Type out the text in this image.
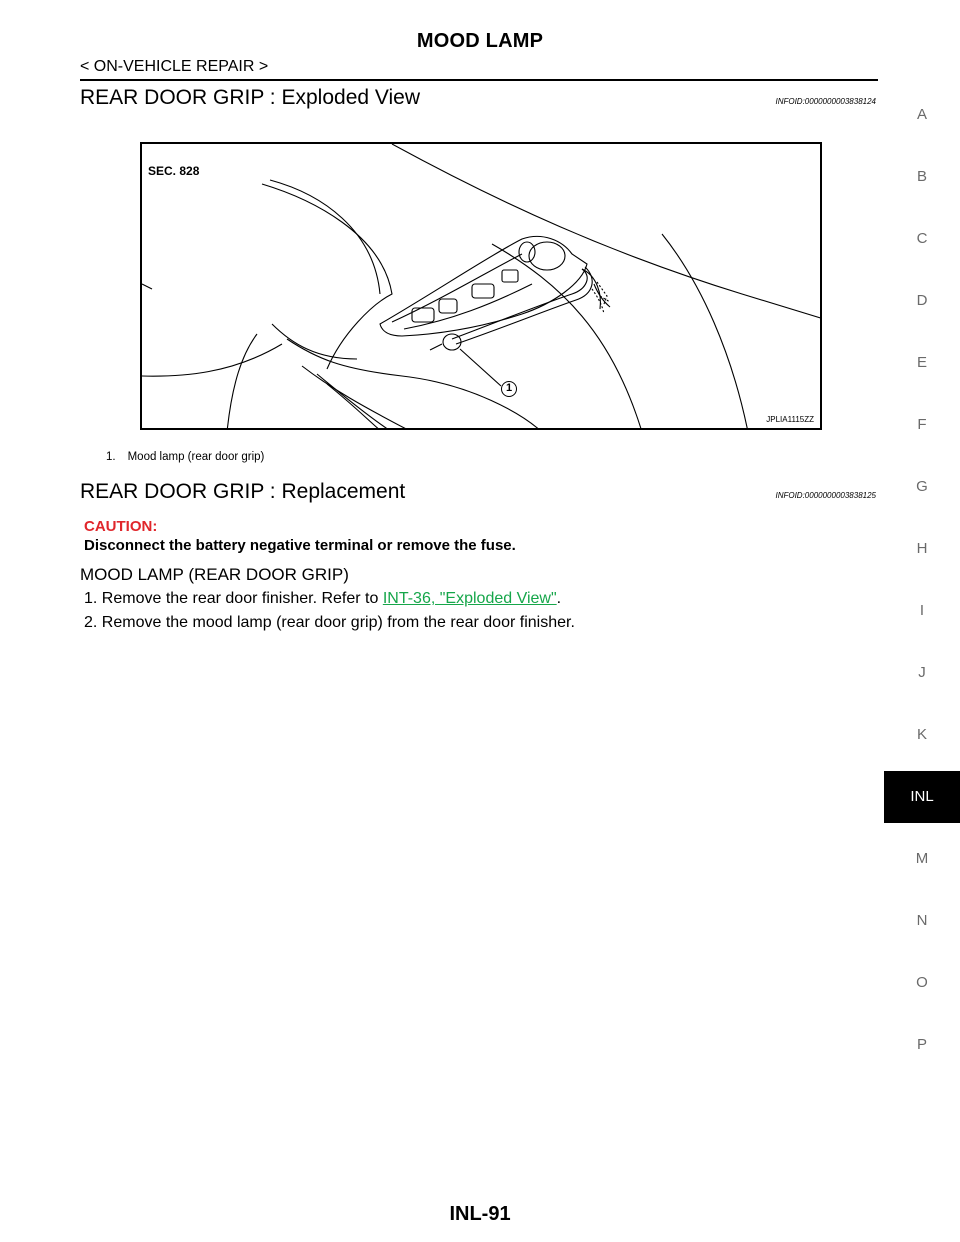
MOOD LAMP
< ON-VEHICLE REPAIR >
A
B
C
D
E
F
G
H
I
J
K
INL
M
N
O
P
REAR DOOR GRIP : Exploded View	INFOID:0000000003838124
SEC. 828
1
JPLIA1115ZZ
1. Mood lamp (rear door grip)
REAR DOOR GRIP : Replacement	INFOID:0000000003838125
CAUTION:
Disconnect the battery negative terminal or remove the fuse.
MOOD LAMP (REAR DOOR GRIP)
1. Remove the rear door finisher. Refer to INT-36, "Exploded View".
2. Remove the mood lamp (rear door grip) from the rear door finisher.
INL-91
